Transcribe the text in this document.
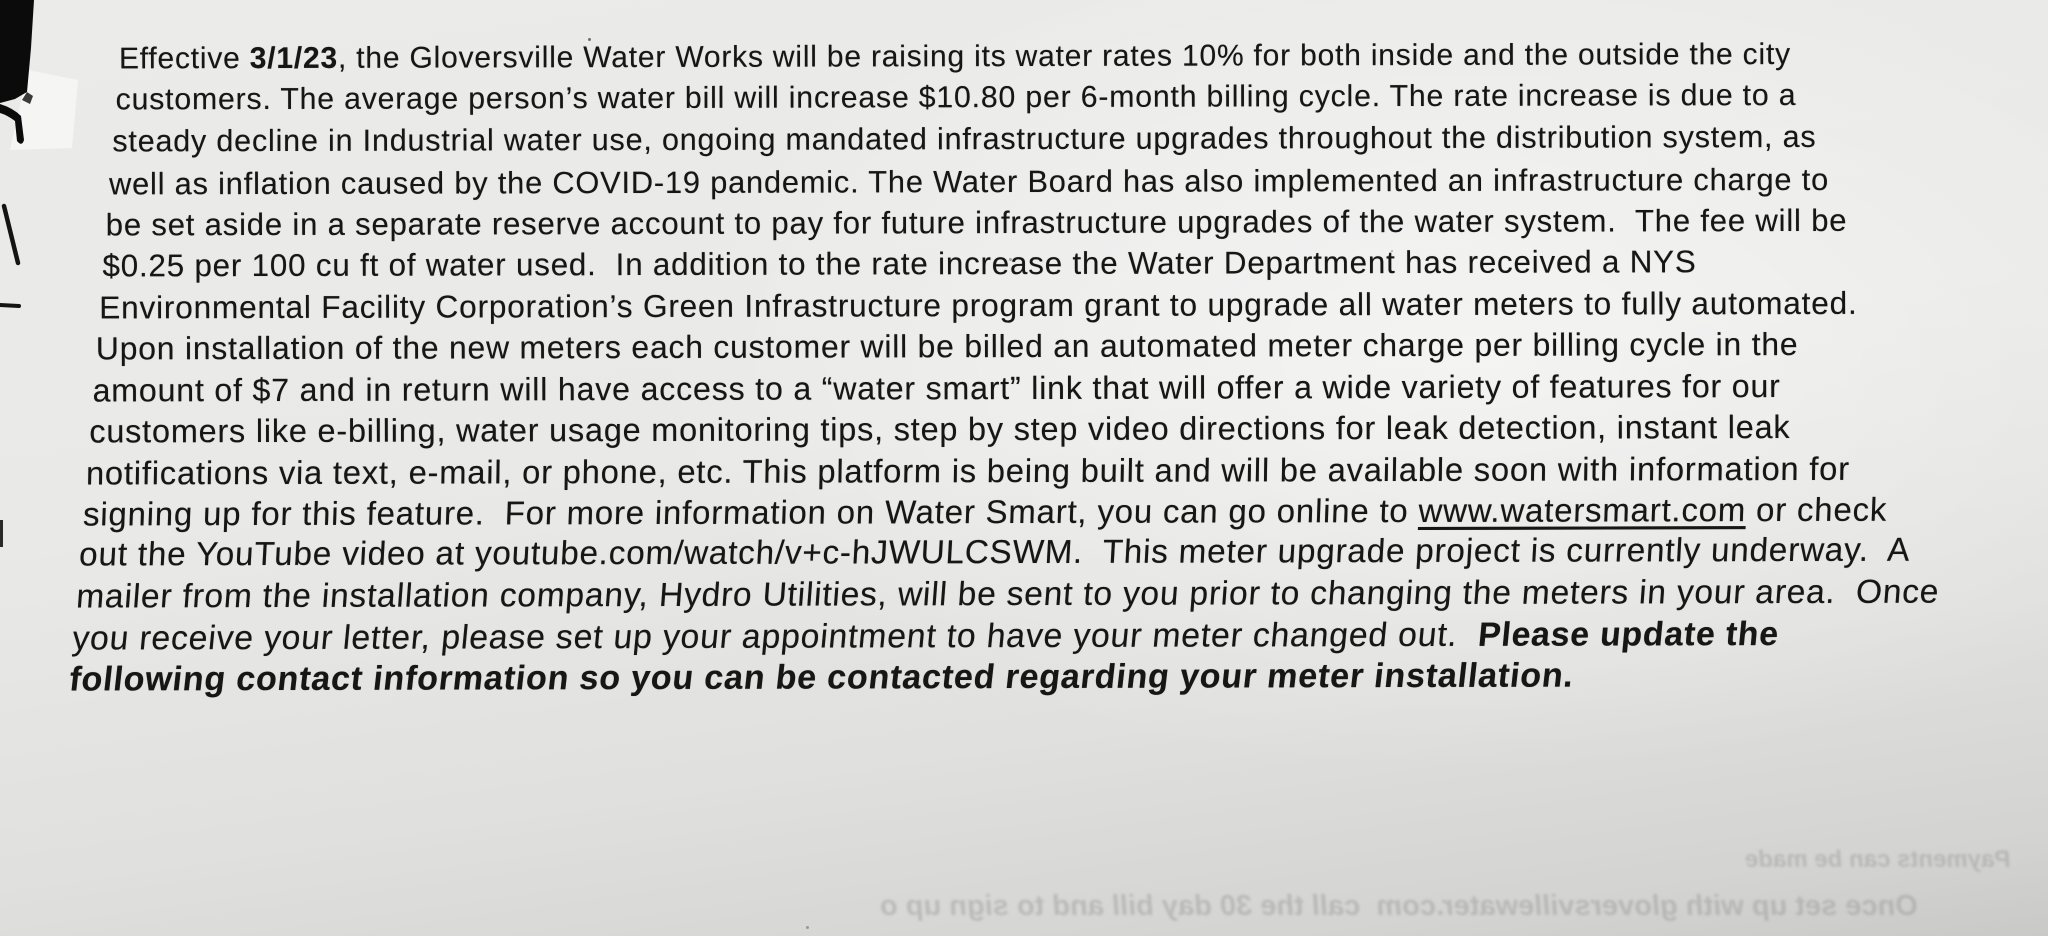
Effective 3/1/23, the Gloversville Water Works will be raising its water rates 10% for both inside and the outside the city
customers. The average person’s water bill will increase $10.80 per 6-month billing cycle. The rate increase is due to a
steady decline in Industrial water use, ongoing mandated infrastructure upgrades throughout the distribution system, as
well as inflation caused by the COVID-19 pandemic. The Water Board has also implemented an infrastructure charge to
be set aside in a separate reserve account to pay for future infrastructure upgrades of the water system.  The fee will be
$0.25 per 100 cu ft of water used.  In addition to the rate increase the Water Department has received a NYS
Environmental Facility Corporation’s Green Infrastructure program grant to upgrade all water meters to fully automated.
Upon installation of the new meters each customer will be billed an automated meter charge per billing cycle in the
amount of $7 and in return will have access to a “water smart” link that will offer a wide variety of features for our
customers like e-billing, water usage monitoring tips, step by step video directions for leak detection, instant leak
notifications via text, e-mail, or phone, etc. This platform is being built and will be available soon with information for
signing up for this feature.  For more information on Water Smart, you can go online to www.watersmart.com or check
out the YouTube video at youtube.com/watch/v+c-hJWULCSWM.  This meter upgrade project is currently underway.  A
mailer from the installation company, Hydro Utilities, will be sent to you prior to changing the meters in your area.  Once
you receive your letter, please set up your appointment to have your meter changed out.  Please update the
following contact information so you can be contacted regarding your meter installation.
Payments can be made
Once set up with gloversvillewater.com  call the 30 day bill and to sign up o
